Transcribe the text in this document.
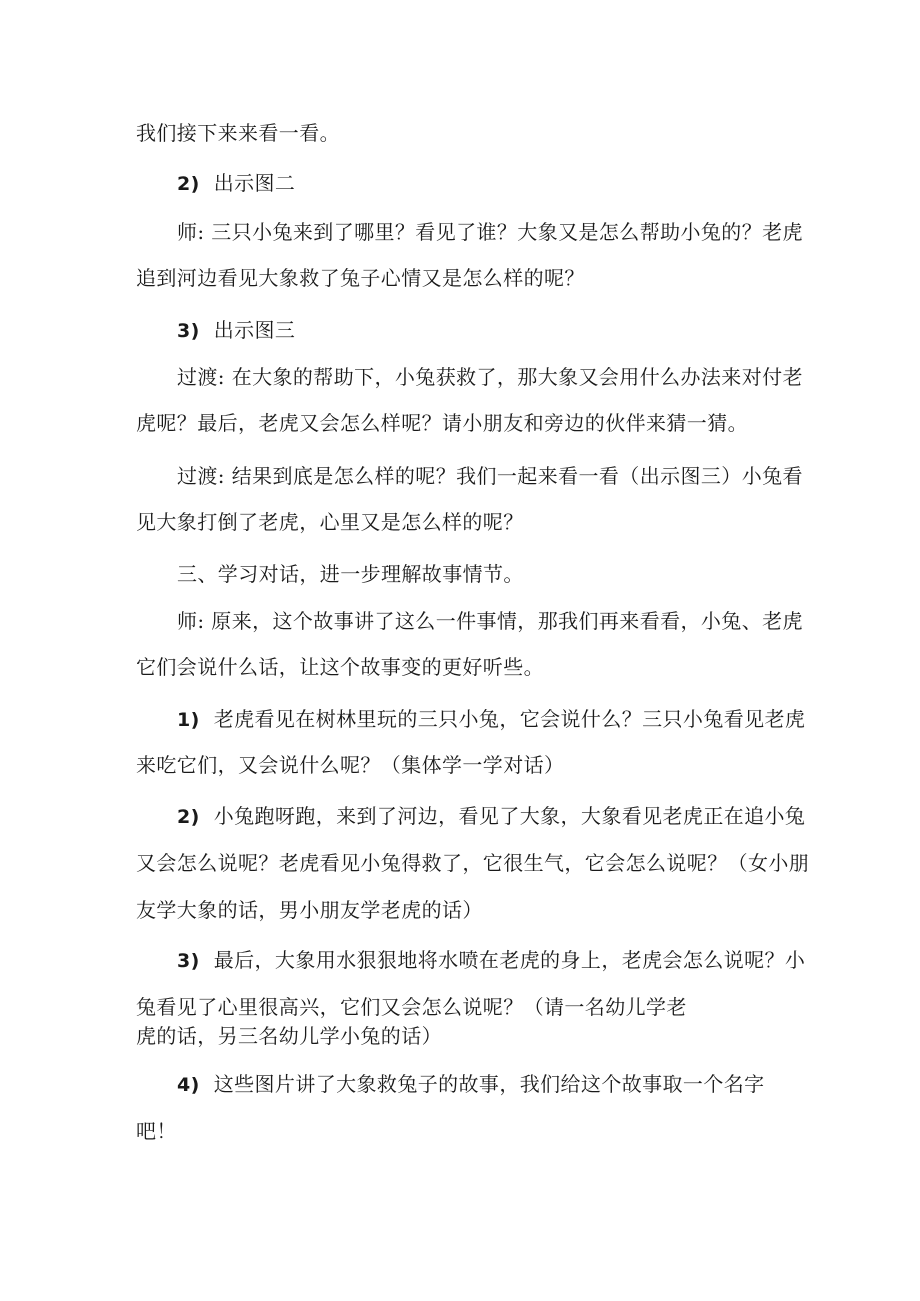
我们接下来来看一看。
2) 出示图二
师: 三只小兔来到了哪里？看见了谁？大象又是怎么帮助小兔的？老虎
追到河边看见大象救了兔子心情又是怎么样的呢？
3) 出示图三
过渡: 在大象的帮助下，小兔获救了，那大象又会用什么办法来对付老
虎呢？最后，老虎又会怎么样呢？请小朋友和旁边的伙伴来猜一猜。
过渡: 结果到底是怎么样的呢？我们一起来看一看（出示图三）小兔看
见大象打倒了老虎，心里又是怎么样的呢？
三、学习对话，进一步理解故事情节。
师: 原来，这个故事讲了这么一件事情，那我们再来看看，小兔、老虎
它们会说什么话，让这个故事变的更好听些。
1) 老虎看见在树林里玩的三只小兔，它会说什么？三只小兔看见老虎
来吃它们，又会说什么呢？（集体学一学对话）
2) 小兔跑呀跑，来到了河边，看见了大象，大象看见老虎正在追小兔
又会怎么说呢？老虎看见小兔得救了，它很生气，它会怎么说呢？（女小朋
友学大象的话，男小朋友学老虎的话）
3) 最后，大象用水狠狠地将水喷在老虎的身上，老虎会怎么说呢？小
兔看见了心里很高兴，它们又会怎么说呢？（请一名幼儿学老
虎的话，另三名幼儿学小兔的话）
4) 这些图片讲了大象救兔子的故事，我们给这个故事取一个名字
吧！
